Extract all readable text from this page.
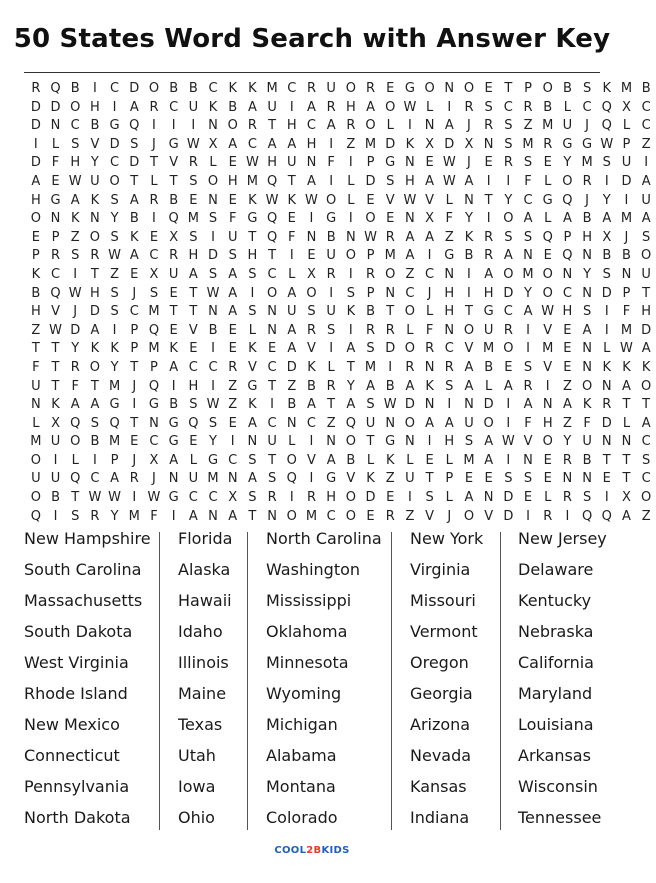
50 States Word Search with Answer Key
R Q B	I	C D O B B C K K M C R U O R E G O N O E T P O B S K M B
D D O H I	A R C U K B A U	I	A R H A O W L	I	R S C R B L C Q X C
D N C B G Q I	I	I N O R T H C A R O L	I N A	J	R S Z M U	J Q L C
I	L S V D S	J G W X A C A A H I	Z M D K X D X N S M R G G W P Z
D F H Y C D T V R L E W H U N F	I	P G N E W J	E R S E Y M S U	I
A E W U O T L T S O H M Q T A	I	L D S H A W A	I	I	F L O R	I D A
H G A K S A R B E N E K W K W O L E V W V L N T Y C G Q J	Y	I	U
O N K N Y B	I Q M S F G Q E	I G I O E N X F Y	I O A L A B A M A
E P Z O S K E X S	I	U T Q F N B N W R A A Z K R S S Q P H X	J	S
P R S R W A C R H D S H T	I	E U O P M A	I G B R A N E Q N B B O
K C	I	T Z E X U A S A S C L X R	I	R O Z C N I	A O M O N Y S N U
B Q W H S	J	S E T W A	I O A O I	S P N C	J H I H D Y O C N D P T
H V	J D S C M T T N A S N U S U K B T O L H T G C A W H S	I	F H
Z W D A	I	P Q E V B E L N A R S	I	R R L F N O U R	I	V E A	I M D
T T Y K K P M K E	I	E K E A V	I	A S D O R C V M O I M E N L W A
F T R O Y T P A C C R V C D K L T M I	R N R A B E S V E N K K K
U T F T M J Q I H I	Z G T Z B R Y A B A K S A L A R	I	Z O N A O
N K A A G I G B S W Z K	I	B A T A S W D N I N D I	A N A K R T T
L X Q S Q T N G Q S E A C N C Z Q U N O A A U O I	F H Z F D L A
M U O B M E C G E Y	I N U L	I N O T G N I H S A W V O Y U N N C
O I	L	I	P	J	X A L G C S T O V A B L K L E L M A	I N E R B T T S
U U Q C A R	J N U M N A S Q I G V K Z U T P E E S S E N N E T C
O B T W W I W G C C X S R	I	R H O D E	I	S L A N D E L R S	I	X O
Q I	S R Y M F	I	A N A T N O M C O E R Z V	J O V D I	R	I Q Q A Z
New Hampshire
South Carolina
Massachusetts
South Dakota
West Virginia
Rhode Island
New Mexico
Connecticut
Pennsylvania
North Dakota
Florida
Alaska
Hawaii
Idaho
Illinois
Maine
Texas
Utah
Iowa
Ohio
North Carolina
Washington
Mississippi
Oklahoma
Minnesota
Wyoming
Michigan
Alabama
Montana
Colorado
New York
Virginia
Missouri
Vermont
Oregon
Georgia
Arizona
Nevada
Kansas
Indiana
New Jersey
Delaware
Kentucky
Nebraska
California
Maryland
Louisiana
Arkansas
Wisconsin
Tennessee
COOL2BKIDS
